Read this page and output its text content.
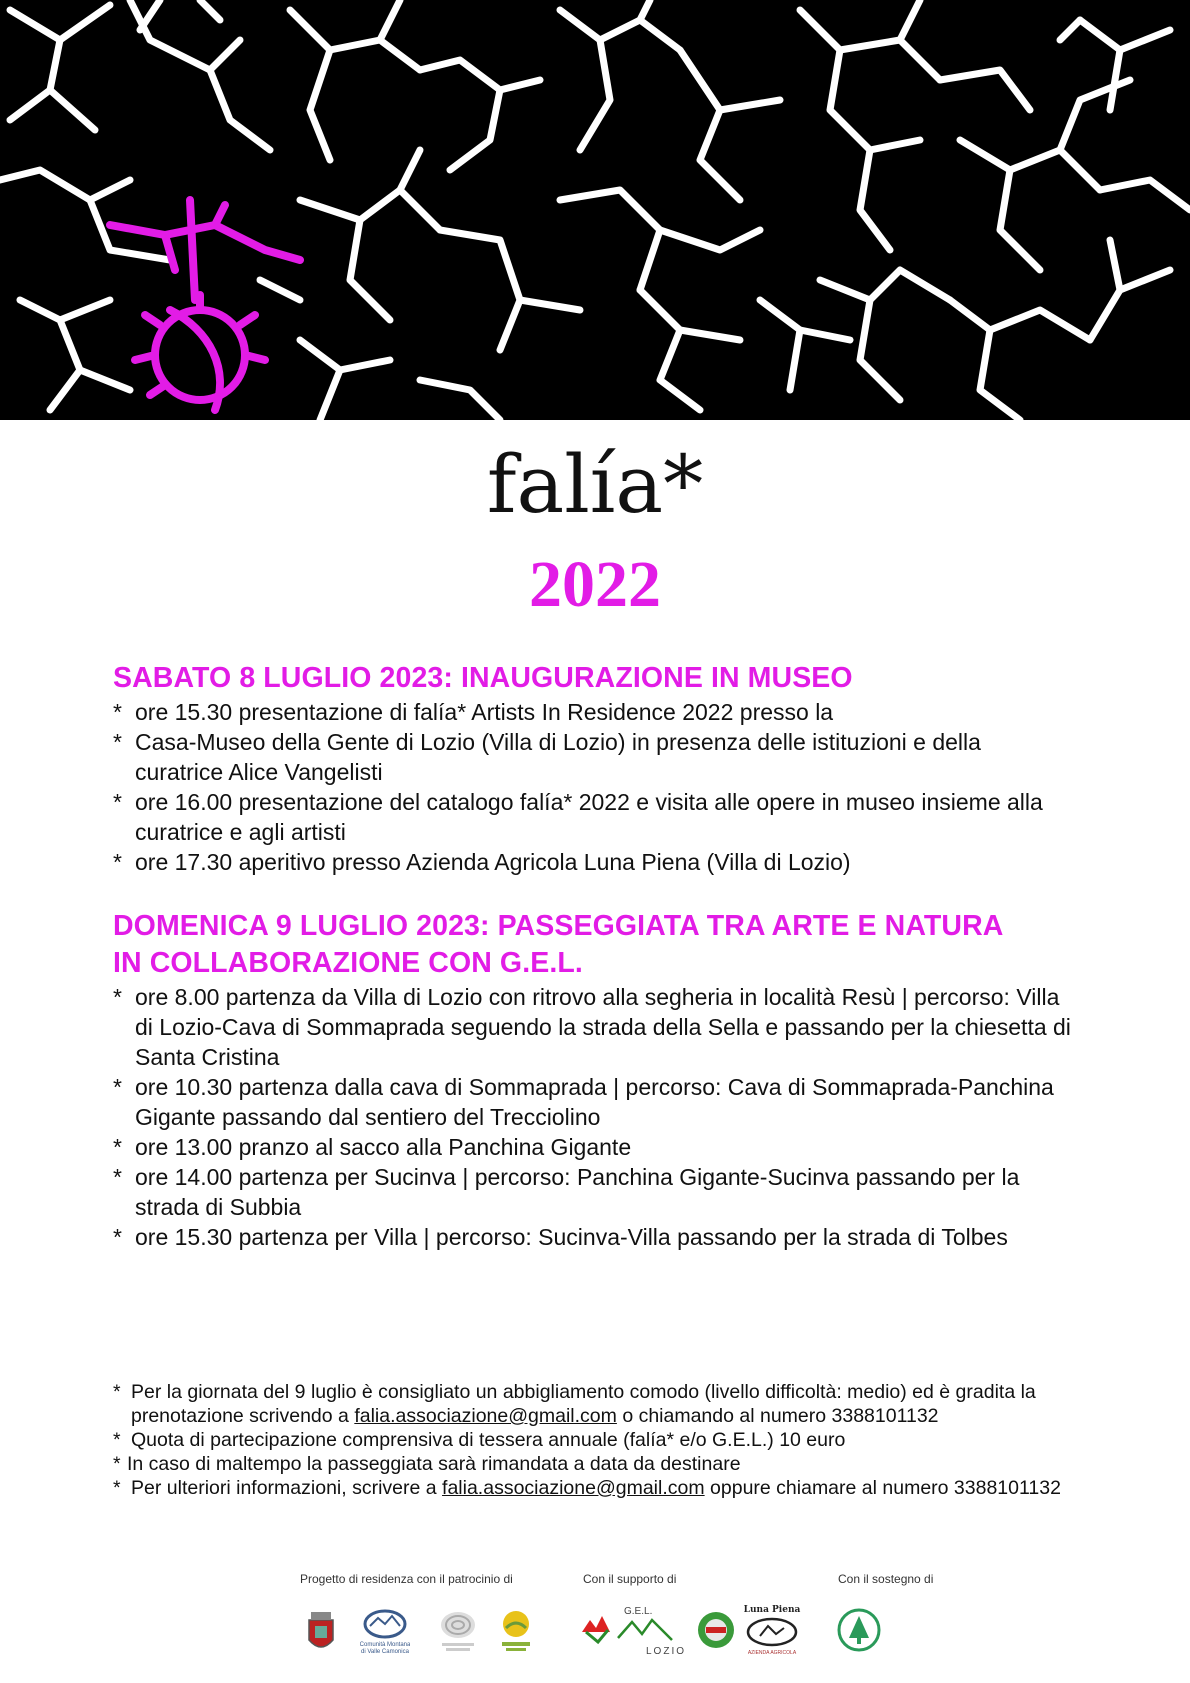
falía*
2022
SABATO 8 LUGLIO 2023: INAUGURAZIONE IN MUSEO
* ore 15.30 presentazione di falía* Artists In Residence 2022 presso la
* Casa-Museo della Gente di Lozio (Villa di Lozio) in presenza delle istituzioni e della curatrice Alice Vangelisti
* ore 16.00 presentazione del catalogo falía* 2022 e visita alle opere in museo insieme alla curatrice e agli artisti
* ore 17.30 aperitivo presso Azienda Agricola Luna Piena (Villa di Lozio)
DOMENICA 9 LUGLIO 2023: PASSEGGIATA TRA ARTE E NATURA IN COLLABORAZIONE CON G.E.L.
* ore 8.00 partenza da Villa di Lozio con ritrovo alla segheria in località Resù | percorso: Villa di Lozio-Cava di Sommaprada seguendo la strada della Sella e passando per la chiesetta di Santa Cristina
* ore 10.30 partenza dalla cava di Sommaprada | percorso: Cava di Sommaprada-Panchina Gigante passando dal sentiero del Trecciolino
* ore 13.00 pranzo al sacco alla Panchina Gigante
* ore 14.00 partenza per Sucinva | percorso: Panchina Gigante-Sucinva passando per la strada di Subbia
* ore 15.30 partenza per Villa | percorso: Sucinva-Villa passando per la strada di Tolbes

* Per la giornata del 9 luglio è consigliato un abbigliamento comodo (livello difficoltà: medio) ed è gradita la prenotazione scrivendo a falia.associazione@gmail.com o chiamando al numero 3388101132

* Quota di partecipazione comprensiva di tessera annuale (falía* e/o G.E.L.) 10 euro

* In caso di maltempo la passeggiata sarà rimandata a data da destinare

* Per ulteriori informazioni, scrivere a falia.associazione@gmail.com oppure chiamare al numero 3388101132

Progetto di residenza con il patrocinio di	Con il supporto di	Con il sostegno di
Comunità Montana
di Valle Camonica
G.E.L.
LOZIO
Luna Piena
AZIENDA AGRICOLA
